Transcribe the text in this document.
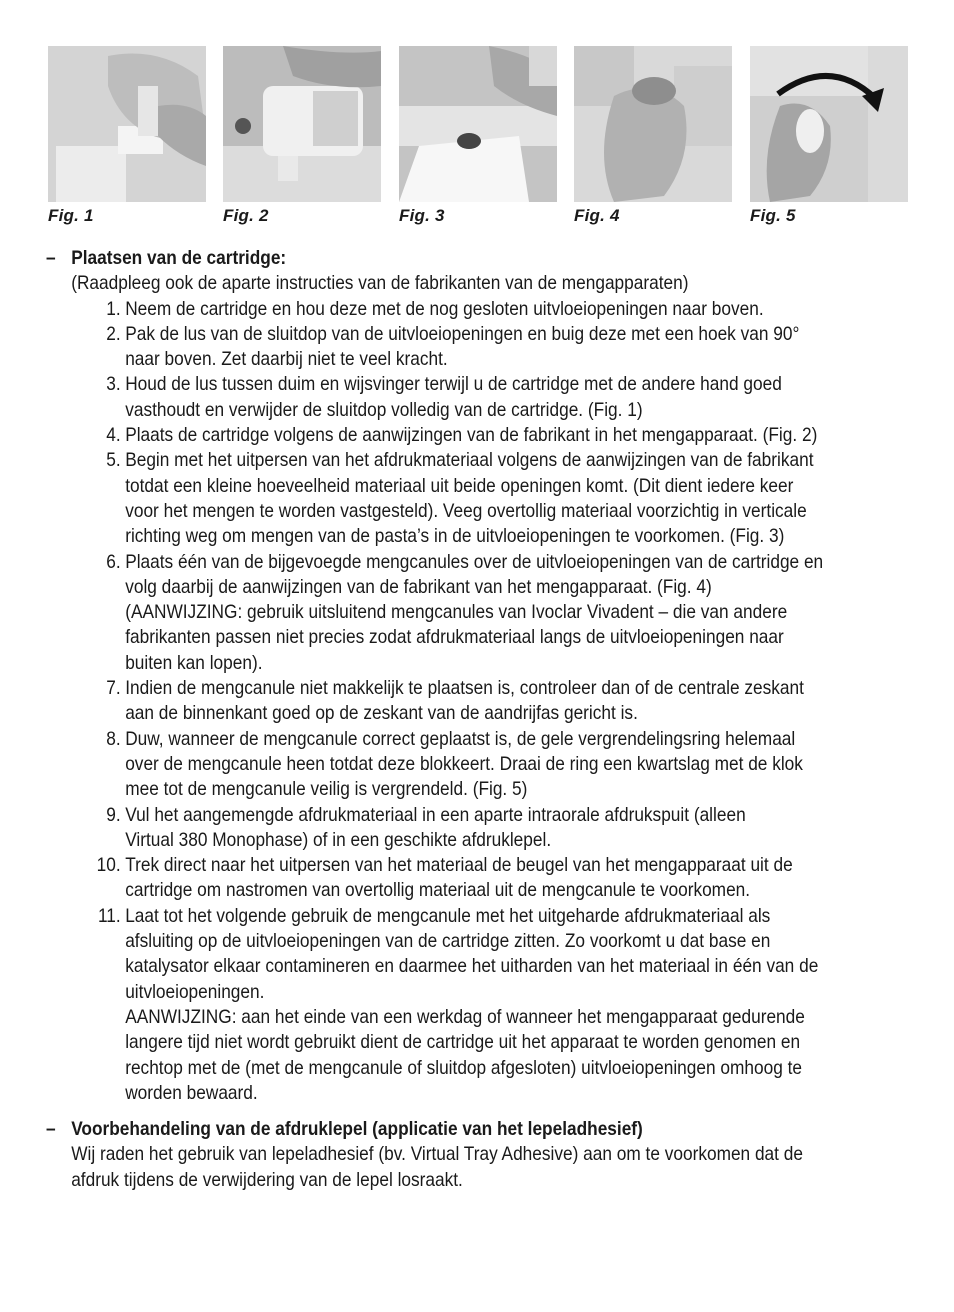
Fig. 1	Fig. 2	Fig. 3	Fig. 4	Fig. 5
– Plaatsen van de cartridge:

(Raadpleeg ook de aparte instructies van de fabrikanten van de mengapparaten)

1. Neem de cartridge en hou deze met de nog gesloten uitvloeiopeningen naar boven.

2. Pak de lus van de sluitdop van de uitvloeiopeningen en buig deze met een hoek van 90°

naar boven. Zet daarbij niet te veel kracht.

3. Houd de lus tussen duim en wijsvinger terwijl u de cartridge met de andere hand goed

vasthoudt en verwijder de sluitdop volledig van de cartridge. (Fig. 1)

4. Plaats de cartridge volgens de aanwijzingen van de fabrikant in het mengapparaat. (Fig. 2)

5. Begin met het uitpersen van het afdrukmateriaal volgens de aanwijzingen van de fabrikant

totdat een kleine hoeveelheid materiaal uit beide openingen komt. (Dit dient iedere keer

voor het mengen te worden vastgesteld). Veeg overtollig materiaal voorzichtig in verticale

richting weg om mengen van de pasta’s in de uitvloeiopeningen te voorkomen. (Fig. 3)

6. Plaats één van de bijgevoegde mengcanules over de uitvloeiopeningen van de cartridge en

volg daarbij de aanwijzingen van de fabrikant van het mengapparaat. (Fig. 4)

(AANWIJZING: gebruik uitsluitend mengcanules van Ivoclar Vivadent – die van andere

fabrikanten passen niet precies zodat afdrukmateriaal langs de uitvloeiopeningen naar

buiten kan lopen).

7. Indien de mengcanule niet makkelijk te plaatsen is, controleer dan of de centrale zeskant

aan de binnenkant goed op de zeskant van de aandrijfas gericht is.

8. Duw, wanneer de mengcanule correct geplaatst is, de gele vergrendelingsring helemaal

over de mengcanule heen totdat deze blokkeert. Draai de ring een kwartslag met de klok

mee tot de mengcanule veilig is vergrendeld. (Fig. 5)

9. Vul het aangemengde afdrukmateriaal in een aparte intraorale afdrukspuit (alleen

Virtual 380 Monophase) of in een geschikte afdruklepel.

10. Trek direct naar het uitpersen van het materiaal de beugel van het mengapparaat uit de

cartridge om nastromen van overtollig materiaal uit de mengcanule te voorkomen.

11. Laat tot het volgende gebruik de mengcanule met het uitgeharde afdrukmateriaal als

afsluiting op de uitvloeiopeningen van de cartridge zitten. Zo voorkomt u dat base en

katalysator elkaar contamineren en daarmee het uitharden van het materiaal in één van de

uitvloeiopeningen.

AANWIJZING: aan het einde van een werkdag of wanneer het mengapparaat gedurende

langere tijd niet wordt gebruikt dient de cartridge uit het apparaat te worden genomen en

rechtop met de (met de mengcanule of sluitdop afgesloten) uitvloeiopeningen omhoog te

worden bewaard.

– Voorbehandeling van de afdruklepel (applicatie van het lepeladhesief)

Wij raden het gebruik van lepeladhesief (bv. Virtual Tray Adhesive) aan om te voorkomen dat de

afdruk tijdens de verwijdering van de lepel losraakt.
